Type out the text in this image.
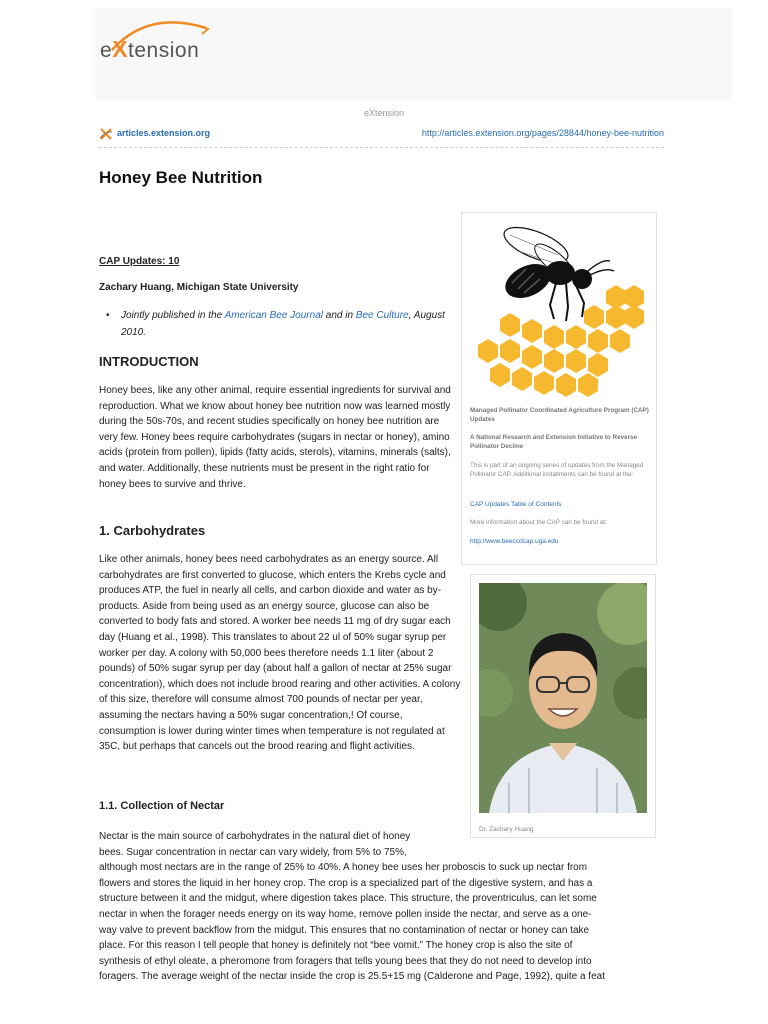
eXtension
eXtension
articles.extension.org	http://articles.extension.org/pages/28844/honey-bee-nutrition
Honey Bee Nutrition

CAP Updates: 10

Zachary Huang, Michigan State University

•	Jointly published in the American Bee Journal and in Bee Culture, August 2010.
INTRODUCTION

Honey bees, like any other animal, require essential ingredients for survival and reproduction. What we know about honey bee nutrition now was learned mostly during the 50s-70s, and recent studies specifically on honey bee nutrition are very few. Honey bees require carbohydrates (sugars in nectar or honey), amino acids (protein from pollen), lipids (fatty acids, sterols), vitamins, minerals (salts), and water. Additionally, these nutrients must be present in the right ratio for honey bees to survive and thrive.

1. Carbohydrates

Like other animals, honey bees need carbohydrates as an energy source. All carbohydrates are first converted to glucose, which enters the Krebs cycle and produces ATP, the fuel in nearly all cells, and carbon dioxide and water as by-products. Aside from being used as an energy source, glucose can also be converted to body fats and stored. A worker bee needs 11 mg of dry sugar each day (Huang et al., 1998). This translates to about 22 ul of 50% sugar syrup per worker per day. A colony with 50,000 bees therefore needs 1.1 liter (about 2 pounds) of 50% sugar syrup per day (about half a gallon of nectar at 25% sugar concentration), which does not include brood rearing and other activities. A colony of this size, therefore will consume almost 700 pounds of nectar per year, assuming the nectars having a 50% sugar concentration,! Of course, consumption is lower during winter times when temperature is not regulated at 35C, but perhaps that cancels out the brood rearing and flight activities.

1.1. Collection of Nectar

Nectar is the main source of carbohydrates in the natural diet of honey
bees. Sugar concentration in nectar can vary widely, from 5% to 75%,
although most nectars are in the range of 25% to 40%. A honey bee uses her proboscis to suck up nectar from
flowers and stores the liquid in her honey crop. The crop is a specialized part of the digestive system, and has a
structure between it and the midgut, where digestion takes place. This structure, the proventriculus, can let some
nectar in when the forager needs energy on its way home, remove pollen inside the nectar, and serve as a one-
way valve to prevent backflow from the midgut. This ensures that no contamination of nectar or honey can take
place. For this reason I tell people that honey is definitely not “bee vomit.” The honey crop is also the site of
synthesis of ethyl oleate, a pheromone from foragers that tells young bees that they do not need to develop into
foragers. The average weight of the nectar inside the crop is 25.5+15 mg (Calderone and Page, 1992), quite a feat

Managed Pollinator Coordinated Agriculture Program (CAP) Updates

A National Research and Extension Initiative to Reverse Pollinator Decline

This is part of an ongoing series of updates from the Managed Pollinator CAP. Additional installments can be found at the:

CAP Updates Table of Contents

More information about the CAP can be found at:

http://www.beeccdcap.uga.edu

Dr. Zachary Huang
